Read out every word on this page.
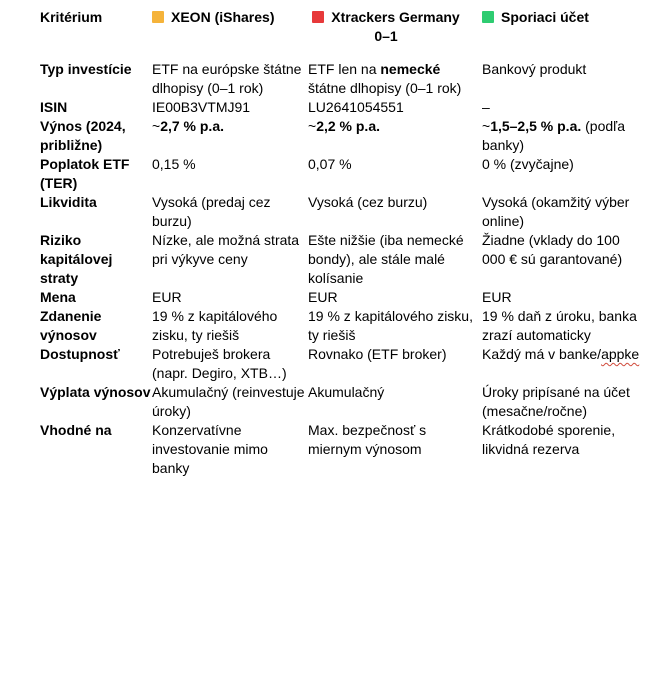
Kritérium	XEON (iShares)	Xtrackers Germany 0–1	Sporiaci účet
Typ investície	ETF na európske štátne dlhopisy (0–1 rok)	ETF len na nemecké štátne dlhopisy (0–1 rok)	Bankový produkt
ISIN	IE00B3VTMJ91	LU2641054551	–
Výnos (2024, približne)	~2,7 % p.a.	~2,2 % p.a.	~1,5–2,5 % p.a. (podľa banky)
Poplatok ETF (TER)	0,15 %	0,07 %	0 % (zvyčajne)
Likvidita	Vysoká (predaj cez burzu)	Vysoká (cez burzu)	Vysoká (okamžitý výber online)
Riziko kapitálovej straty	Nízke, ale možná strata pri výkyve ceny	Ešte nižšie (iba nemecké bondy), ale stále malé kolísanie	Žiadne (vklady do 100 000 € sú garantované)
Mena	EUR	EUR	EUR
Zdanenie výnosov	19 % z kapitálového zisku, ty riešiš	19 % z kapitálového zisku, ty riešiš	19 % daň z úroku, banka zrazí automaticky
Dostupnosť	Potrebuješ brokera (napr. Degiro, XTB…)	Rovnako (ETF broker)	Každý má v banke/appke
Výplata výnosov	Akumulačný (reinvestuje úroky)	Akumulačný	Úroky pripísané na účet (mesačne/ročne)
Vhodné na	Konzervatívne investovanie mimo banky	Max. bezpečnosť s miernym výnosom	Krátkodobé sporenie, likvidná rezerva
